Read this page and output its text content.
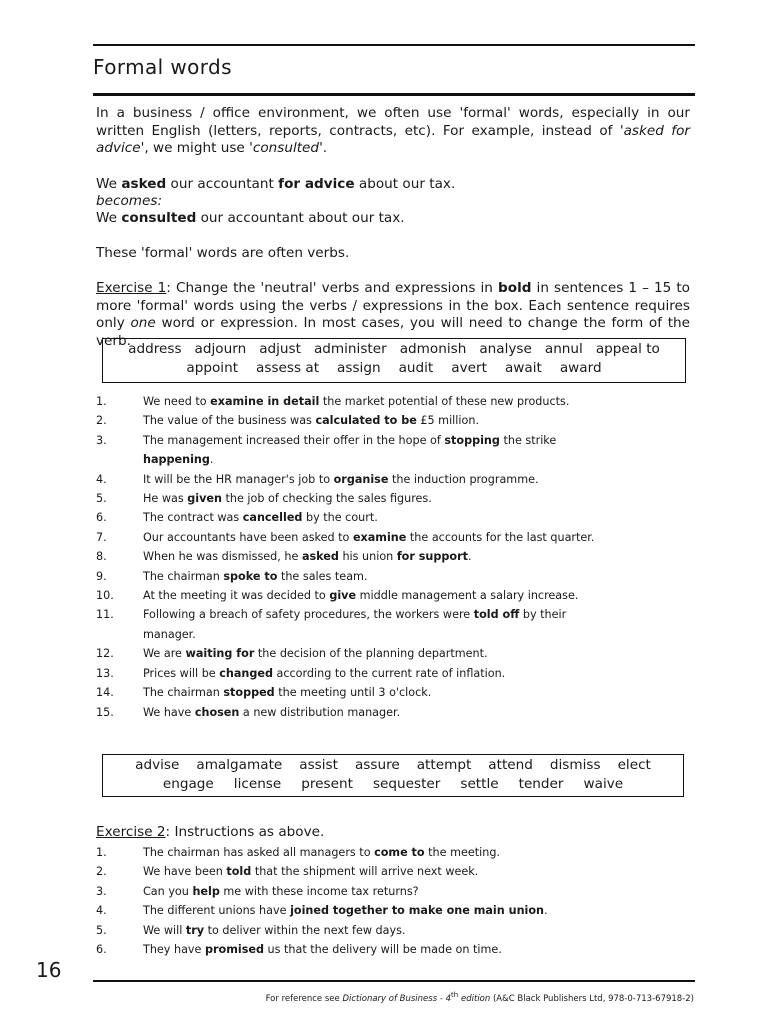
Formal words
In a business / office environment, we often use 'formal' words, especially in our written English (letters, reports, contracts, etc). For example, instead of 'asked for advice', we might use 'consulted'.
We asked our accountant for advice about our tax.
becomes:
We consulted our accountant about our tax.
These 'formal' words are often verbs.
Exercise 1: Change the 'neutral' verbs and expressions in bold in sentences 1 – 15 to more 'formal' words using the verbs / expressions in the box. Each sentence requires only one word or expression. In most cases, you will need to change the form of the verb.
address adjourn adjust administer admonish analyse annul appeal to
appoint assess at assign audit avert await award
1.	We need to examine in detail the market potential of these new products.
2.	The value of the business was calculated to be £5 million.
3.	The management increased their offer in the hope of stopping the strike
happening.
4.	It will be the HR manager's job to organise the induction programme.
5.	He was given the job of checking the sales figures.
6.	The contract was cancelled by the court.
7.	Our accountants have been asked to examine the accounts for the last quarter.
8.	When he was dismissed, he asked his union for support.
9.	The chairman spoke to the sales team.
10.	At the meeting it was decided to give middle management a salary increase.
11.	Following a breach of safety procedures, the workers were told off by their
manager.
12.	We are waiting for the decision of the planning department.
13.	Prices will be changed according to the current rate of inflation.
14.	The chairman stopped the meeting until 3 o'clock.
15.	We have chosen a new distribution manager.
advise amalgamate assist assure attempt attend dismiss elect
engage license present sequester settle tender waive
Exercise 2: Instructions as above.
1.	The chairman has asked all managers to come to the meeting.
2.	We have been told that the shipment will arrive next week.
3.	Can you help me with these income tax returns?
4.	The different unions have joined together to make one main union.
5.	We will try to deliver within the next few days.
6.	They have promised us that the delivery will be made on time.
16
For reference see Dictionary of Business - 4th edition (A&C Black Publishers Ltd, 978-0-713-67918-2)
